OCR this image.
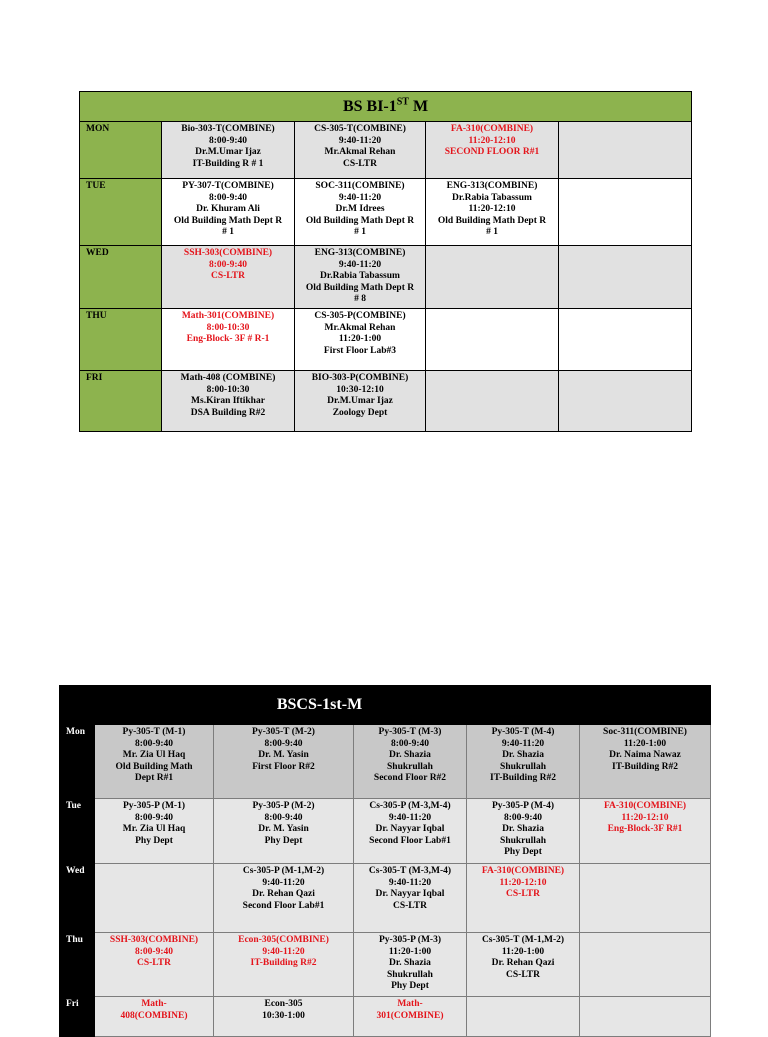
BS BI-1ST M				
MON	Bio-303-T(COMBINE)
8:00-9:40
Dr.M.Umar Ijaz
IT-Building R # 1	CS-305-T(COMBINE)
9:40-11:20
Mr.Akmal Rehan
CS-LTR	FA-310(COMBINE)
11:20-12:10
SECOND FLOOR R#1	

TUE	PY-307-T(COMBINE)
8:00-9:40
Dr. Khuram Ali
Old Building Math Dept R
# 1	SOC-311(COMBINE)
9:40-11:20
Dr.M Idrees
Old Building Math Dept R
# 1	ENG-313(COMBINE)
Dr.Rabia Tabassum
11:20-12:10
Old Building Math Dept R
# 1	

WED	SSH-303(COMBINE)
8:00-9:40
CS-LTR	ENG-313(COMBINE)
9:40-11:20
Dr.Rabia Tabassum
Old Building Math Dept R
# 8		

THU	Math-301(COMBINE)
8:00-10:30
Eng-Block- 3F # R-1	CS-305-P(COMBINE)
Mr.Akmal Rehan
11:20-1:00
First Floor Lab#3		

FRI	Math-408 (COMBINE)
8:00-10:30
Ms.Kiran Iftikhar
DSA Building R#2	BIO-303-P(COMBINE)
10:30-12:10
Dr.M.Umar Ijaz
Zoology Dept		

BSCS-1st-M					
Mon	Py-305-T (M-1)
8:00-9:40
Mr. Zia Ul Haq
Old Building Math
Dept R#1	Py-305-T (M-2)
8:00-9:40
Dr. M. Yasin
First Floor R#2	Py-305-T (M-3)
8:00-9:40
Dr. Shazia
Shukrullah
Second Floor R#2	Py-305-T (M-4)
9:40-11:20
Dr. Shazia
Shukrullah
IT-Building R#2	Soc-311(COMBINE)
11:20-1:00
Dr. Naima Nawaz
IT-Building R#2

Tue	Py-305-P (M-1)
8:00-9:40
Mr. Zia Ul Haq
Phy Dept	Py-305-P (M-2)
8:00-9:40
Dr. M. Yasin
Phy Dept	Cs-305-P (M-3,M-4)
9:40-11:20
Dr. Nayyar Iqbal
Second Floor Lab#1	Py-305-P (M-4)
8:00-9:40
Dr. Shazia
Shukrullah
Phy Dept	FA-310(COMBINE)
11:20-12:10
Eng-Block-3F R#1

Wed		Cs-305-P (M-1,M-2)
9:40-11:20
Dr. Rehan Qazi
Second Floor Lab#1	Cs-305-T (M-3,M-4)
9:40-11:20
Dr. Nayyar Iqbal
CS-LTR	FA-310(COMBINE)
11:20-12:10
CS-LTR	

Thu	SSH-303(COMBINE)
8:00-9:40
CS-LTR	Econ-305(COMBINE)
9:40-11:20
IT-Building R#2	Py-305-P (M-3)
11:20-1:00
Dr. Shazia
Shukrullah
Phy Dept	Cs-305-T (M-1,M-2)
11:20-1:00
Dr. Rehan Qazi
CS-LTR	

Fri	Math-
408(COMBINE)	Econ-305
10:30-1:00	Math-
301(COMBINE)		
